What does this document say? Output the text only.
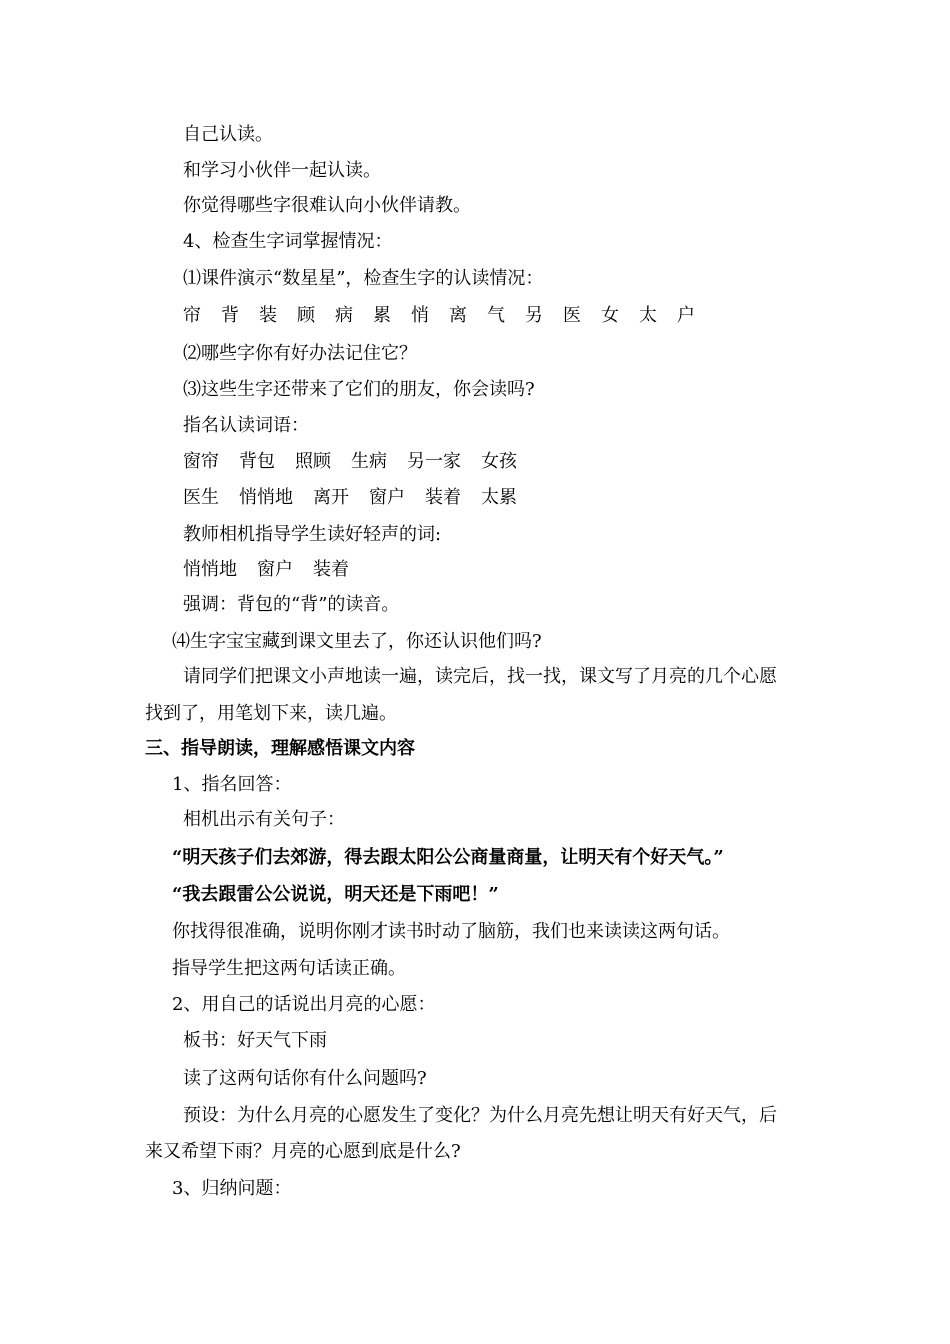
自己认读。
和学习小伙伴一起认读。
你觉得哪些字很难认向小伙伴请教。
4、检查生字词掌握情况：
⑴课件演示“数星星”，检查生字的认读情况：
帘 背 装 顾 病 累 悄 离 气 另 医 女 太 户
⑵哪些字你有好办法记住它？
⑶这些生字还带来了它们的朋友，你会读吗?
指名认读词语：
窗帘 背包 照顾 生病 另一家 女孩
医生 悄悄地 离开 窗户 装着 太累
教师相机指导学生读好轻声的词:
悄悄地 窗户 装着
强调：背包的“背”的读音。
⑷生字宝宝藏到课文里去了，你还认识他们吗?
请同学们把课文小声地读一遍，读完后，找一找，课文写了月亮的几个心愿
找到了，用笔划下来，读几遍。
三、指导朗读，理解感悟课文内容
1、指名回答：
相机出示有关句子：
“明天孩子们去郊游，得去跟太阳公公商量商量，让明天有个好天气。”
“我去跟雷公公说说，明天还是下雨吧！”
你找得很准确，说明你刚才读书时动了脑筋，我们也来读读这两句话。
指导学生把这两句话读正确。
2、用自己的话说出月亮的心愿：
板书：好天气下雨
读了这两句话你有什么问题吗?
预设：为什么月亮的心愿发生了变化？为什么月亮先想让明天有好天气，后
来又希望下雨？月亮的心愿到底是什么?
3、归纳问题：
